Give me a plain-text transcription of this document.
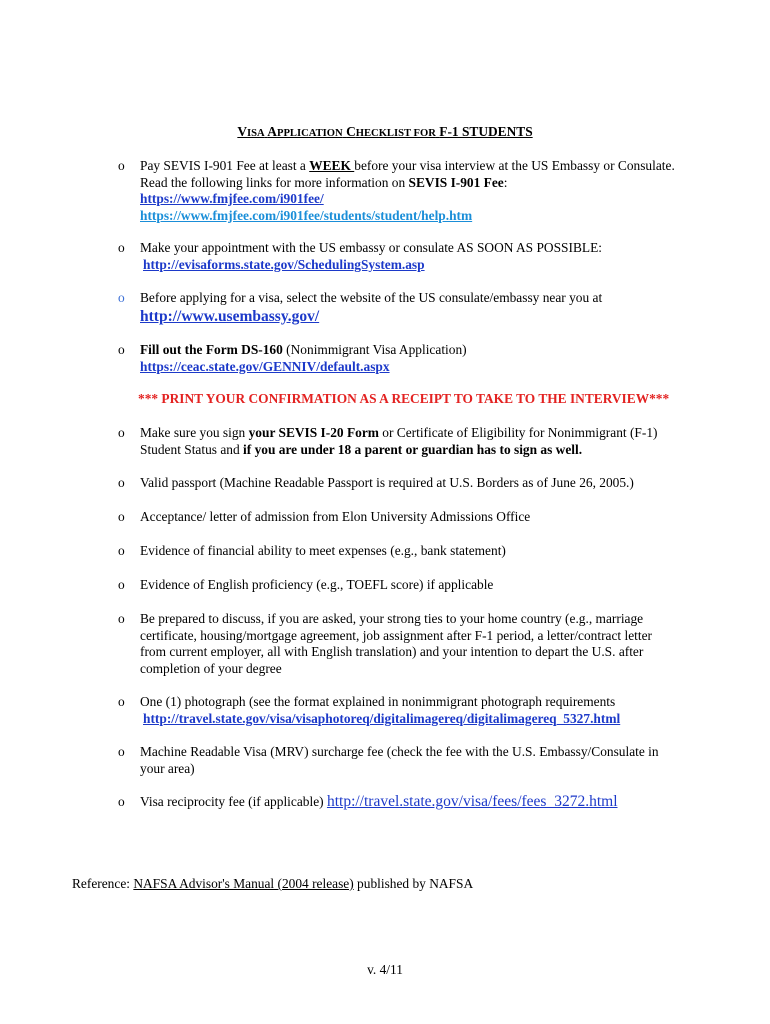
VISA APPLICATION CHECKLIST FOR F-1 STUDENTS
o	Pay SEVIS I-901 Fee at least a WEEK before your visa interview at the US Embassy or Consulate.
Read the following links for more information on SEVIS I-901 Fee:
https://www.fmjfee.com/i901fee/
https://www.fmjfee.com/i901fee/students/student/help.htm
o	Make your appointment with the US embassy or consulate AS SOON AS POSSIBLE:
http://evisaforms.state.gov/SchedulingSystem.asp
o	Before applying for a visa, select the website of the US consulate/embassy near you at
http://www.usembassy.gov/
o	Fill out the Form DS-160 (Nonimmigrant Visa Application)
https://ceac.state.gov/GENNIV/default.aspx
*** PRINT YOUR CONFIRMATION AS A RECEIPT TO TAKE TO THE INTERVIEW***
o	Make sure you sign your SEVIS I-20 Form or Certificate of Eligibility for Nonimmigrant (F-1)
Student Status and if you are under 18 a parent or guardian has to sign as well.
o	Valid passport (Machine Readable Passport is required at U.S. Borders as of June 26, 2005.)
o	Acceptance/ letter of admission from Elon University Admissions Office
o	Evidence of financial ability to meet expenses (e.g., bank statement)
o	Evidence of English proficiency (e.g., TOEFL score) if applicable
o	Be prepared to discuss, if you are asked, your strong ties to your home country (e.g., marriage
certificate, housing/mortgage agreement, job assignment after F-1 period, a letter/contract letter
from current employer, all with English translation) and your intention to depart the U.S. after
completion of your degree
o	One (1) photograph (see the format explained in nonimmigrant photograph requirements
http://travel.state.gov/visa/visaphotoreq/digitalimagereq/digitalimagereq_5327.html
o	Machine Readable Visa (MRV) surcharge fee (check the fee with the U.S. Embassy/Consulate in
your area)
o	Visa reciprocity fee (if applicable) http://travel.state.gov/visa/fees/fees_3272.html
Reference: NAFSA Advisor's Manual (2004 release) published by NAFSA
v. 4/11
